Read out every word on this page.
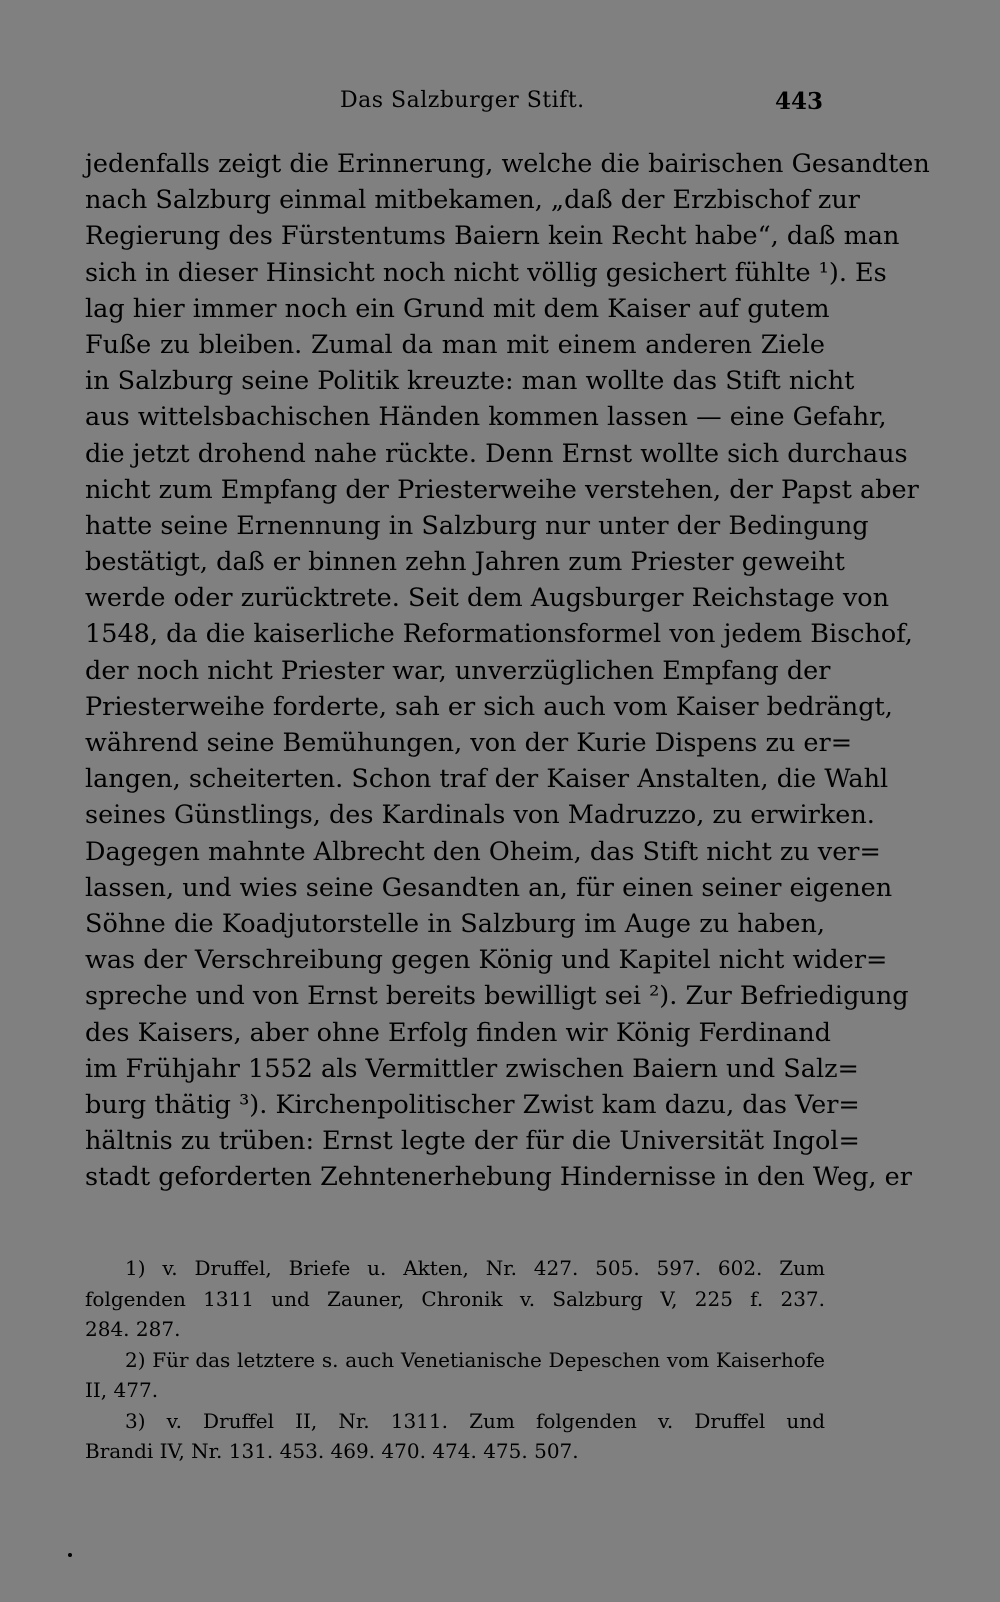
Das Salzburger Stift.	443
jedenfalls zeigt die Erinnerung, welche die bairischen Gesandten
nach Salzburg einmal mitbekamen, „daß der Erzbischof zur
Regierung des Fürstentums Baiern kein Recht habe“, daß man
sich in dieser Hinsicht noch nicht völlig gesichert fühlte ¹). Es
lag hier immer noch ein Grund mit dem Kaiser auf gutem
Fuße zu bleiben. Zumal da man mit einem anderen Ziele
in Salzburg seine Politik kreuzte: man wollte das Stift nicht
aus wittelsbachischen Händen kommen lassen — eine Gefahr,
die jetzt drohend nahe rückte. Denn Ernst wollte sich durchaus
nicht zum Empfang der Priesterweihe verstehen, der Papst aber
hatte seine Ernennung in Salzburg nur unter der Bedingung
bestätigt, daß er binnen zehn Jahren zum Priester geweiht
werde oder zurücktrete. Seit dem Augsburger Reichstage von
1548, da die kaiserliche Reformationsformel von jedem Bischof,
der noch nicht Priester war, unverzüglichen Empfang der
Priesterweihe forderte, sah er sich auch vom Kaiser bedrängt,
während seine Bemühungen, von der Kurie Dispens zu er=
langen, scheiterten. Schon traf der Kaiser Anstalten, die Wahl
seines Günstlings, des Kardinals von Madruzzo, zu erwirken.
Dagegen mahnte Albrecht den Oheim, das Stift nicht zu ver=
lassen, und wies seine Gesandten an, für einen seiner eigenen
Söhne die Koadjutorstelle in Salzburg im Auge zu haben,
was der Verschreibung gegen König und Kapitel nicht wider=
spreche und von Ernst bereits bewilligt sei ²). Zur Befriedigung
des Kaisers, aber ohne Erfolg finden wir König Ferdinand
im Frühjahr 1552 als Vermittler zwischen Baiern und Salz=
burg thätig ³). Kirchenpolitischer Zwist kam dazu, das Ver=
hältnis zu trüben: Ernst legte der für die Universität Ingol=
stadt geforderten Zehntenerhebung Hindernisse in den Weg, er
1) v. Druffel, Briefe u. Akten, Nr. 427. 505. 597. 602. Zum
folgenden 1311 und Zauner, Chronik v. Salzburg V, 225 f. 237.
284. 287.
2) Für das letztere s. auch Venetianische Depeschen vom Kaiserhofe
II, 477.
3) v. Druffel II, Nr. 1311. Zum folgenden v. Druffel und
Brandi IV, Nr. 131. 453. 469. 470. 474. 475. 507.
